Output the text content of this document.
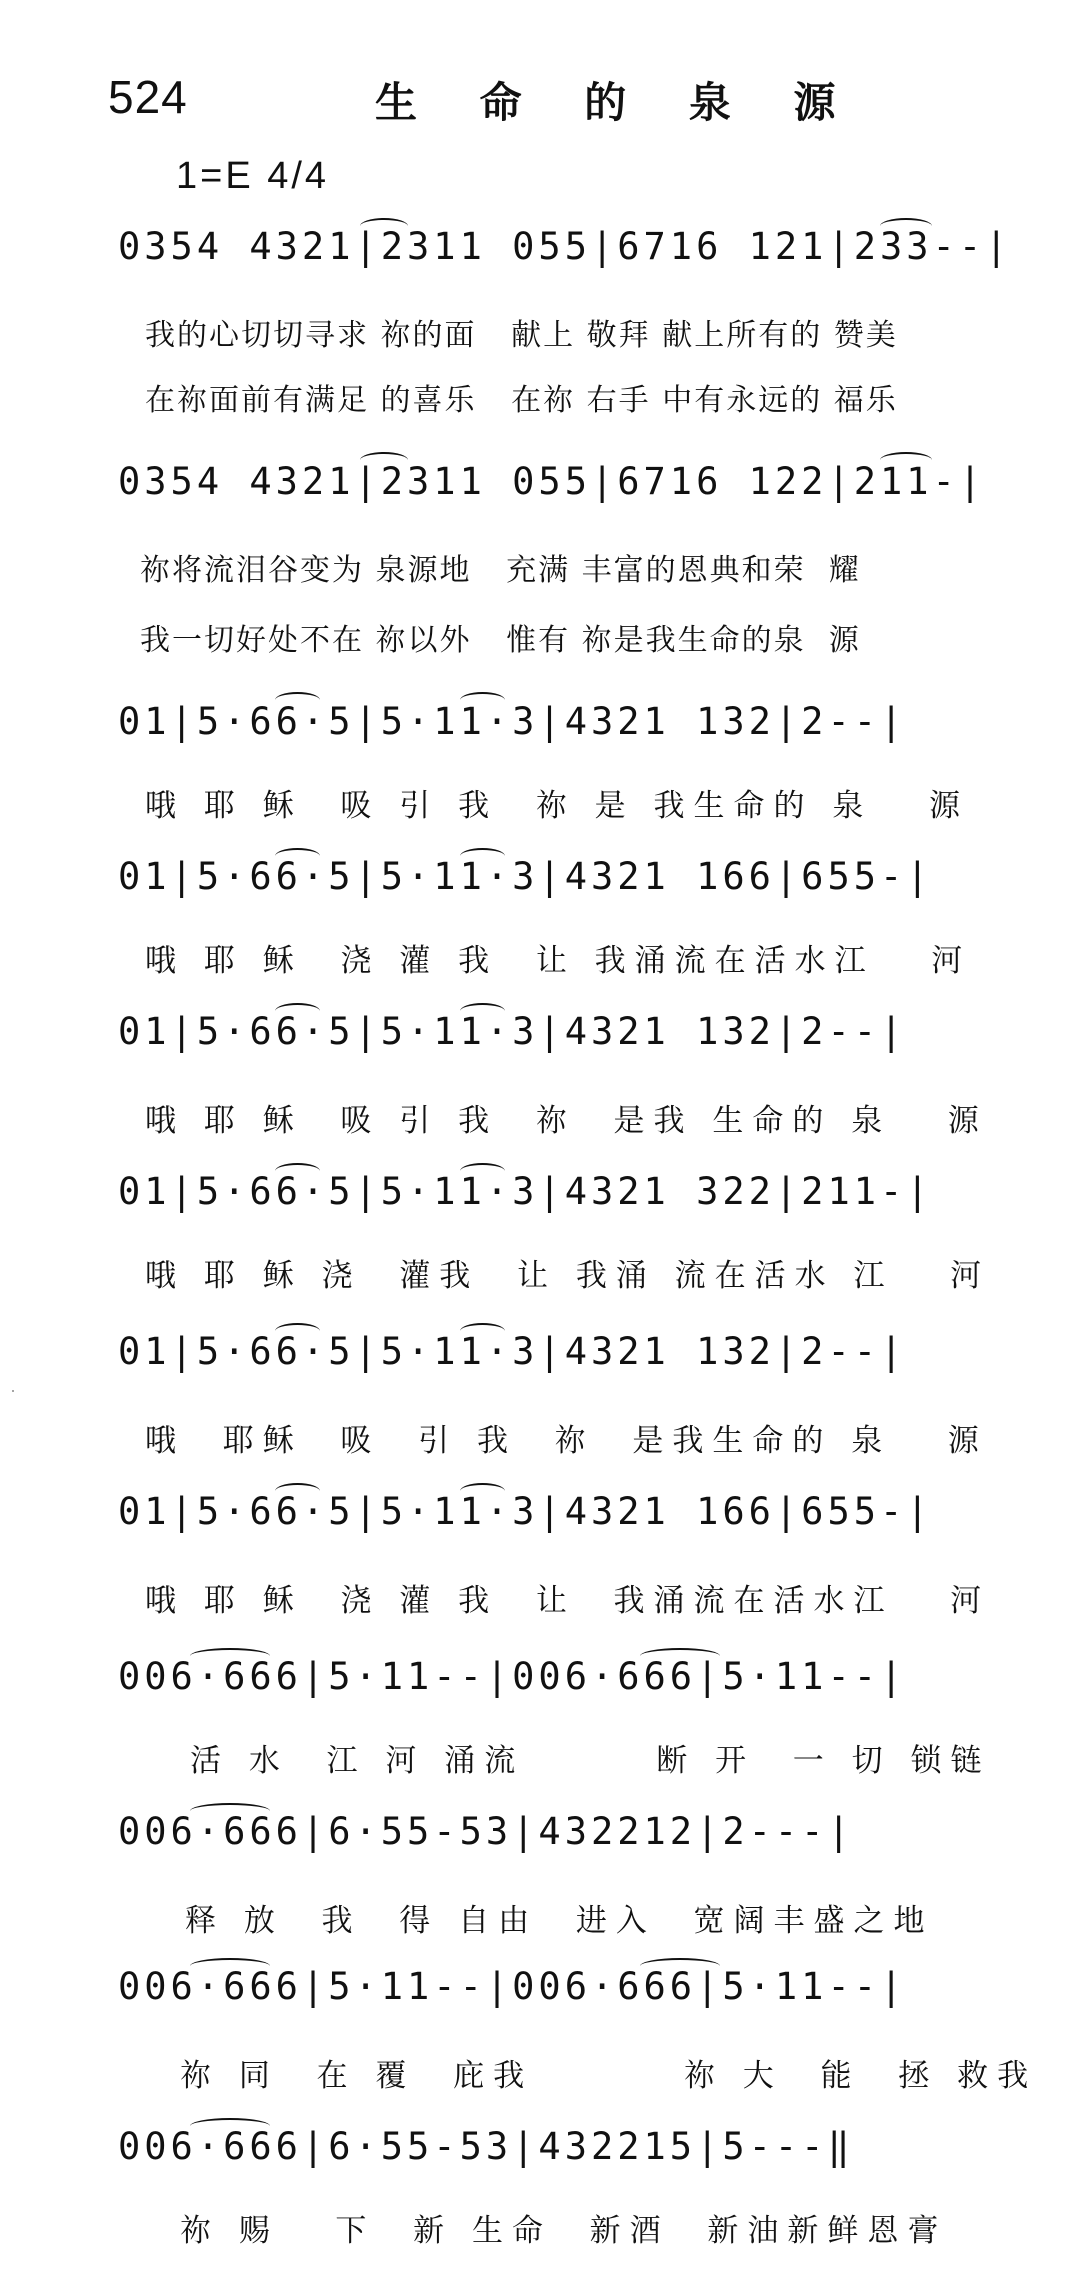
524	生 命 的 泉 源
1=E 4/4
0354 4321|2311 055|6716 121|233--|
我的心切切寻求 祢的面   献上 敬拜 献上所有的 赞美
在祢面前有满足 的喜乐   在祢 右手 中有永远的 福乐
0354 4321|2311 055|6716 122|211-|
祢将流泪谷变为 泉源地   充满 丰富的恩典和荣  耀
我一切好处不在 祢以外   惟有 祢是我生命的泉  源
01|5·66·5|5·11·3|4321 132|2--|
哦 耶 稣  吸 引 我  祢 是 我生命的 泉   源
01|5·66·5|5·11·3|4321 166|655-|
哦 耶 稣  浇 灌 我  让 我涌流在活水江   河
01|5·66·5|5·11·3|4321 132|2--|
哦 耶 稣  吸 引 我  祢  是我 生命的 泉   源
01|5·66·5|5·11·3|4321 322|211-|
哦 耶 稣 浇  灌我  让 我涌 流在活水 江   河
01|5·66·5|5·11·3|4321 132|2--|
哦  耶稣  吸  引 我  祢  是我生命的 泉   源
01|5·66·5|5·11·3|4321 166|655-|
哦 耶 稣  浇 灌 我  让  我涌流在活水江   河
006·666|5·11--|006·666|5·11--|
活 水  江 河 涌流       断 开  一 切 锁链
006·666|6·55-53|432212|2---|
释 放  我  得 自由  进入  宽阔丰盛之地
006·666|5·11--|006·666|5·11--|
祢 同  在 覆  庇我        祢 大  能  拯 救我
006·666|6·55-53|432215|5---‖
祢 赐   下  新 生命  新酒  新油新鲜恩膏
